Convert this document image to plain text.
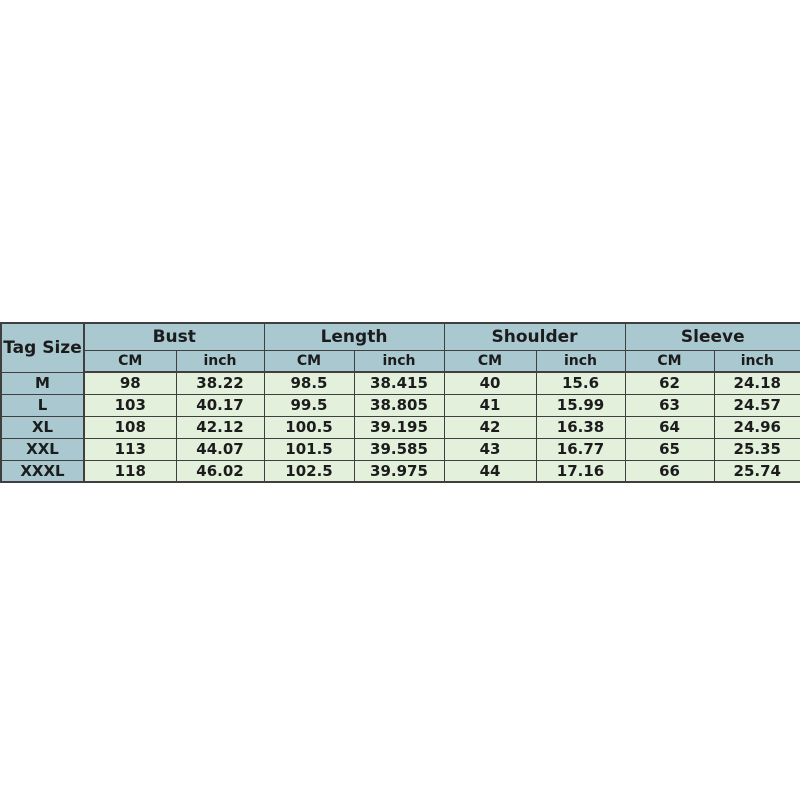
Tag Size	Bust		Length		Shoulder		Sleeve	
	CM	inch	CM	inch	CM	inch	CM	inch
M	98	38.22	98.5	38.415	40	15.6	62	24.18
L	103	40.17	99.5	38.805	41	15.99	63	24.57
XL	108	42.12	100.5	39.195	42	16.38	64	24.96
XXL	113	44.07	101.5	39.585	43	16.77	65	25.35
XXXL	118	46.02	102.5	39.975	44	17.16	66	25.74
